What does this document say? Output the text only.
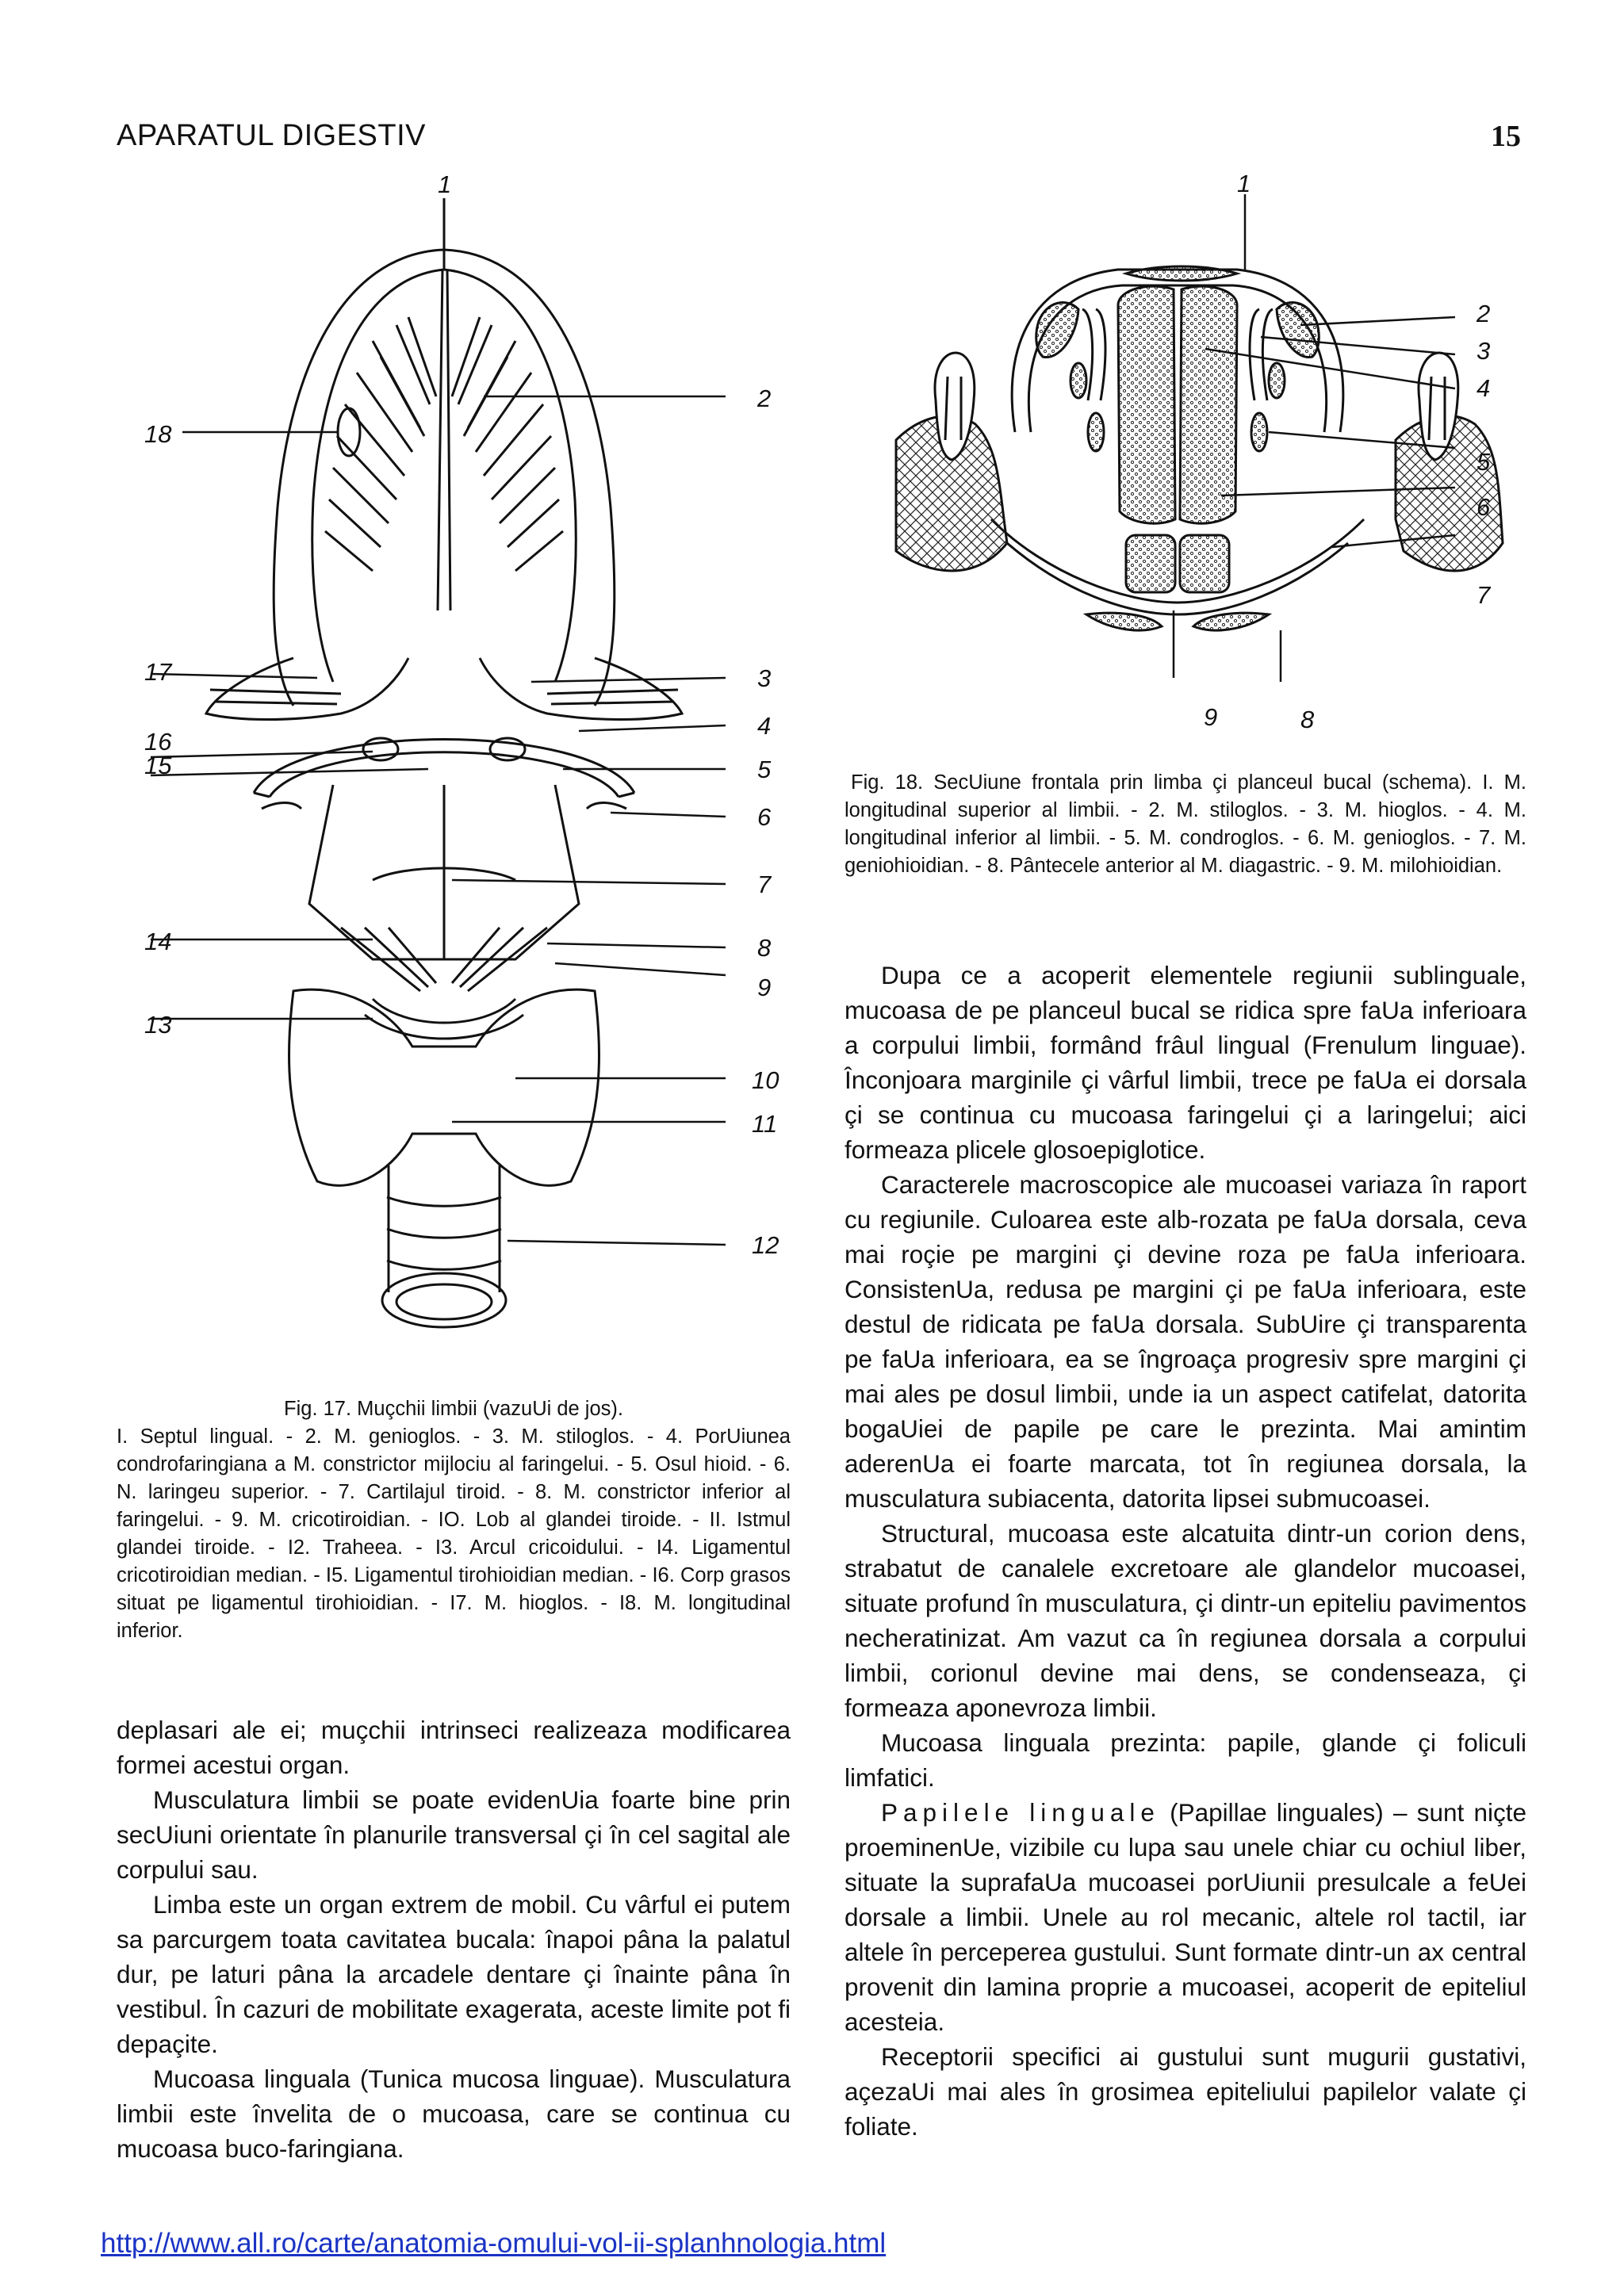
APARATUL DIGESTIV	15
1
18
17
16
15
14
13
2
3
4
5
6
7
8
9
10
11
12
1
2
3
4
5
6
7
9	8
Fig. 18. SecUiune frontala prin limba çi planceul bucal (schema). I. M. longitudinal superior al limbii. - 2. M. stiloglos. - 3. M. hioglos. - 4. M. longitudinal inferior al limbii. - 5. M. condroglos. - 6. M. genioglos. - 7. M. geniohioidian. - 8. Pântecele anterior al M. diagastric. - 9. M. milohioidian.
Fig. 17. Muçchii limbii (vazuUi de jos).
I. Septul lingual. - 2. M. genioglos. - 3. M. stiloglos. - 4. PorUiunea condrofaringiana a M. constrictor mijlociu al faringelui. - 5. Osul hioid. - 6. N. laringeu superior. - 7. Cartilajul tiroid. - 8. M. constrictor inferior al faringelui. - 9. M. cricotiroidian. - IO. Lob al glandei tiroide. - II. Istmul glandei tiroide. - I2. Traheea. - I3. Arcul cricoidului. - I4. Ligamentul cricotiroidian median. - I5. Ligamentul tirohioidian median. - I6. Corp grasos situat pe ligamentul tirohioidian. - I7. M. hioglos. - I8. M. longitudinal inferior.

deplasari ale ei; muçchii intrinseci realizeaza modificarea formei acestui organ.

Musculatura limbii se poate evidenUia foarte bine prin secUiuni orientate în planurile transversal çi în cel sagital ale corpului sau.

Limba este un organ extrem de mobil. Cu vârful ei putem sa parcurgem toata cavitatea bucala: înapoi pâna la palatul dur, pe laturi pâna la arcadele dentare çi înainte pâna în vestibul. În cazuri de mobilitate exagerata, aceste limite pot fi depaçite.

Mucoasa linguala (Tunica mucosa linguae). Musculatura limbii este învelita de o mucoasa, care se continua cu mucoasa buco-faringiana.

Dupa ce a acoperit elementele regiunii sublinguale, mucoasa de pe planceul bucal se ridica spre faUa inferioara a corpului limbii, formând frâul lingual (Frenulum linguae). Înconjoara marginile çi vârful limbii, trece pe faUa ei dorsala çi se continua cu mucoasa faringelui çi a laringelui; aici formeaza plicele glosoepiglotice.

Caracterele macroscopice ale mucoasei variaza în raport cu regiunile. Culoarea este alb-rozata pe faUa dorsala, ceva mai roçie pe margini çi devine roza pe faUa inferioara. ConsistenUa, redusa pe margini çi pe faUa inferioara, este destul de ridicata pe faUa dorsala. SubUire çi transparenta pe faUa inferioara, ea se îngroaça progresiv spre margini çi mai ales pe dosul limbii, unde ia un aspect catifelat, datorita bogaUiei de papile pe care le prezinta. Mai amintim aderenUa ei foarte marcata, tot în regiunea dorsala, la musculatura subiacenta, datorita lipsei submucoasei.

Structural, mucoasa este alcatuita dintr-un corion dens, strabatut de canalele excretoare ale glandelor mucoasei, situate profund în musculatura, çi dintr-un epiteliu pavimentos necheratinizat. Am vazut ca în regiunea dorsala a corpului limbii, corionul devine mai dens, se condenseaza, çi formeaza aponevroza limbii.

Mucoasa linguala prezinta: papile, glande çi foliculi limfatici.

Papilele linguale (Papillae linguales) – sunt niçte proeminenUe, vizibile cu lupa sau unele chiar cu ochiul liber, situate la suprafaUa mucoasei porUiunii presulcale a feUei dorsale a limbii. Unele au rol mecanic, altele rol tactil, iar altele în perceperea gustului. Sunt formate dintr-un ax central provenit din lamina proprie a mucoasei, acoperit de epiteliul acesteia.

Receptorii specifici ai gustului sunt mugurii gustativi, açezaUi mai ales în grosimea epiteliului papilelor valate çi foliate.

http://www.all.ro/carte/anatomia-omului-vol-ii-splanhnologia.html
